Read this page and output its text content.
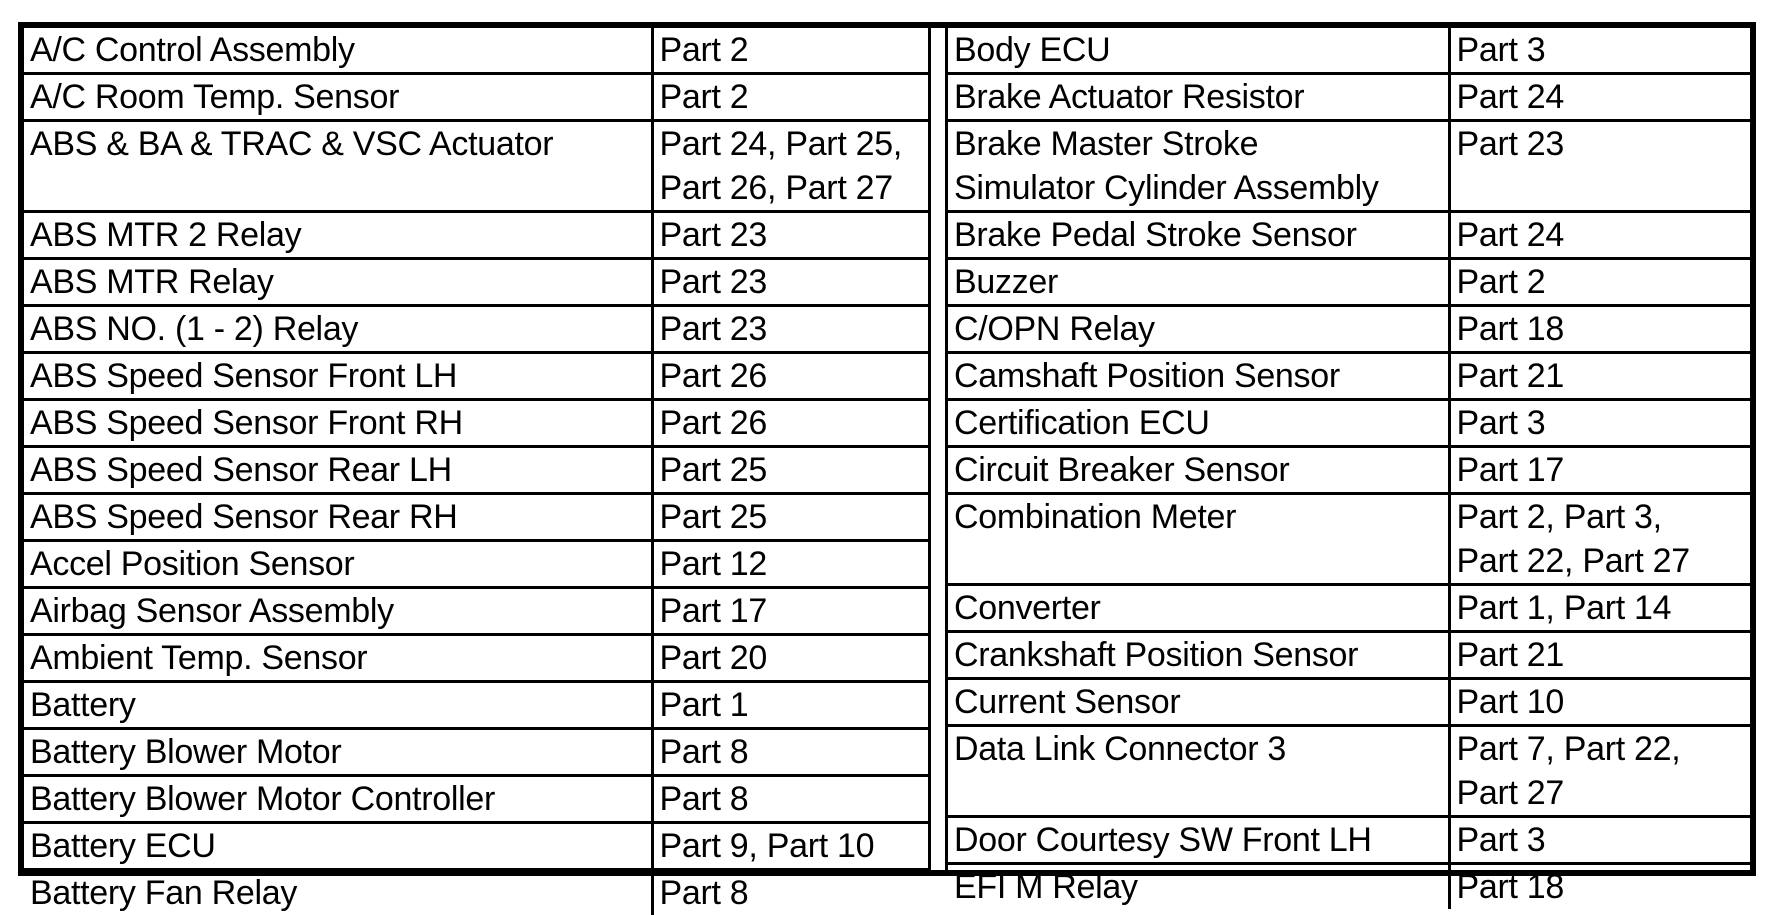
A/C Control Assembly	Part 2

A/C Room Temp. Sensor	Part 2

ABS & BA & TRAC & VSC Actuator	Part 24, Part 25,
Part 26, Part 27

ABS MTR 2 Relay	Part 23

ABS MTR Relay	Part 23

ABS NO. (1 - 2) Relay	Part 23

ABS Speed Sensor Front LH	Part 26

ABS Speed Sensor Front RH	Part 26

ABS Speed Sensor Rear LH	Part 25

ABS Speed Sensor Rear RH	Part 25

Accel Position Sensor	Part 12

Airbag Sensor Assembly	Part 17

Ambient Temp. Sensor	Part 20

Battery	Part 1

Battery Blower Motor	Part 8

Battery Blower Motor Controller	Part 8

Battery ECU	Part 9, Part 10

Battery Fan Relay	Part 8
Body ECU	Part 3

Brake Actuator Resistor	Part 24

Brake Master Stroke
Simulator Cylinder Assembly	Part 23

Brake Pedal Stroke Sensor	Part 24

Buzzer	Part 2

C/OPN Relay	Part 18

Camshaft Position Sensor	Part 21

Certification ECU	Part 3

Circuit Breaker Sensor	Part 17

Combination Meter	Part 2, Part 3,
Part 22, Part 27

Converter	Part 1, Part 14

Crankshaft Position Sensor	Part 21

Current Sensor	Part 10

Data Link Connector 3	Part 7, Part 22,
Part 27

Door Courtesy SW Front LH	Part 3

EFI M Relay	Part 18
